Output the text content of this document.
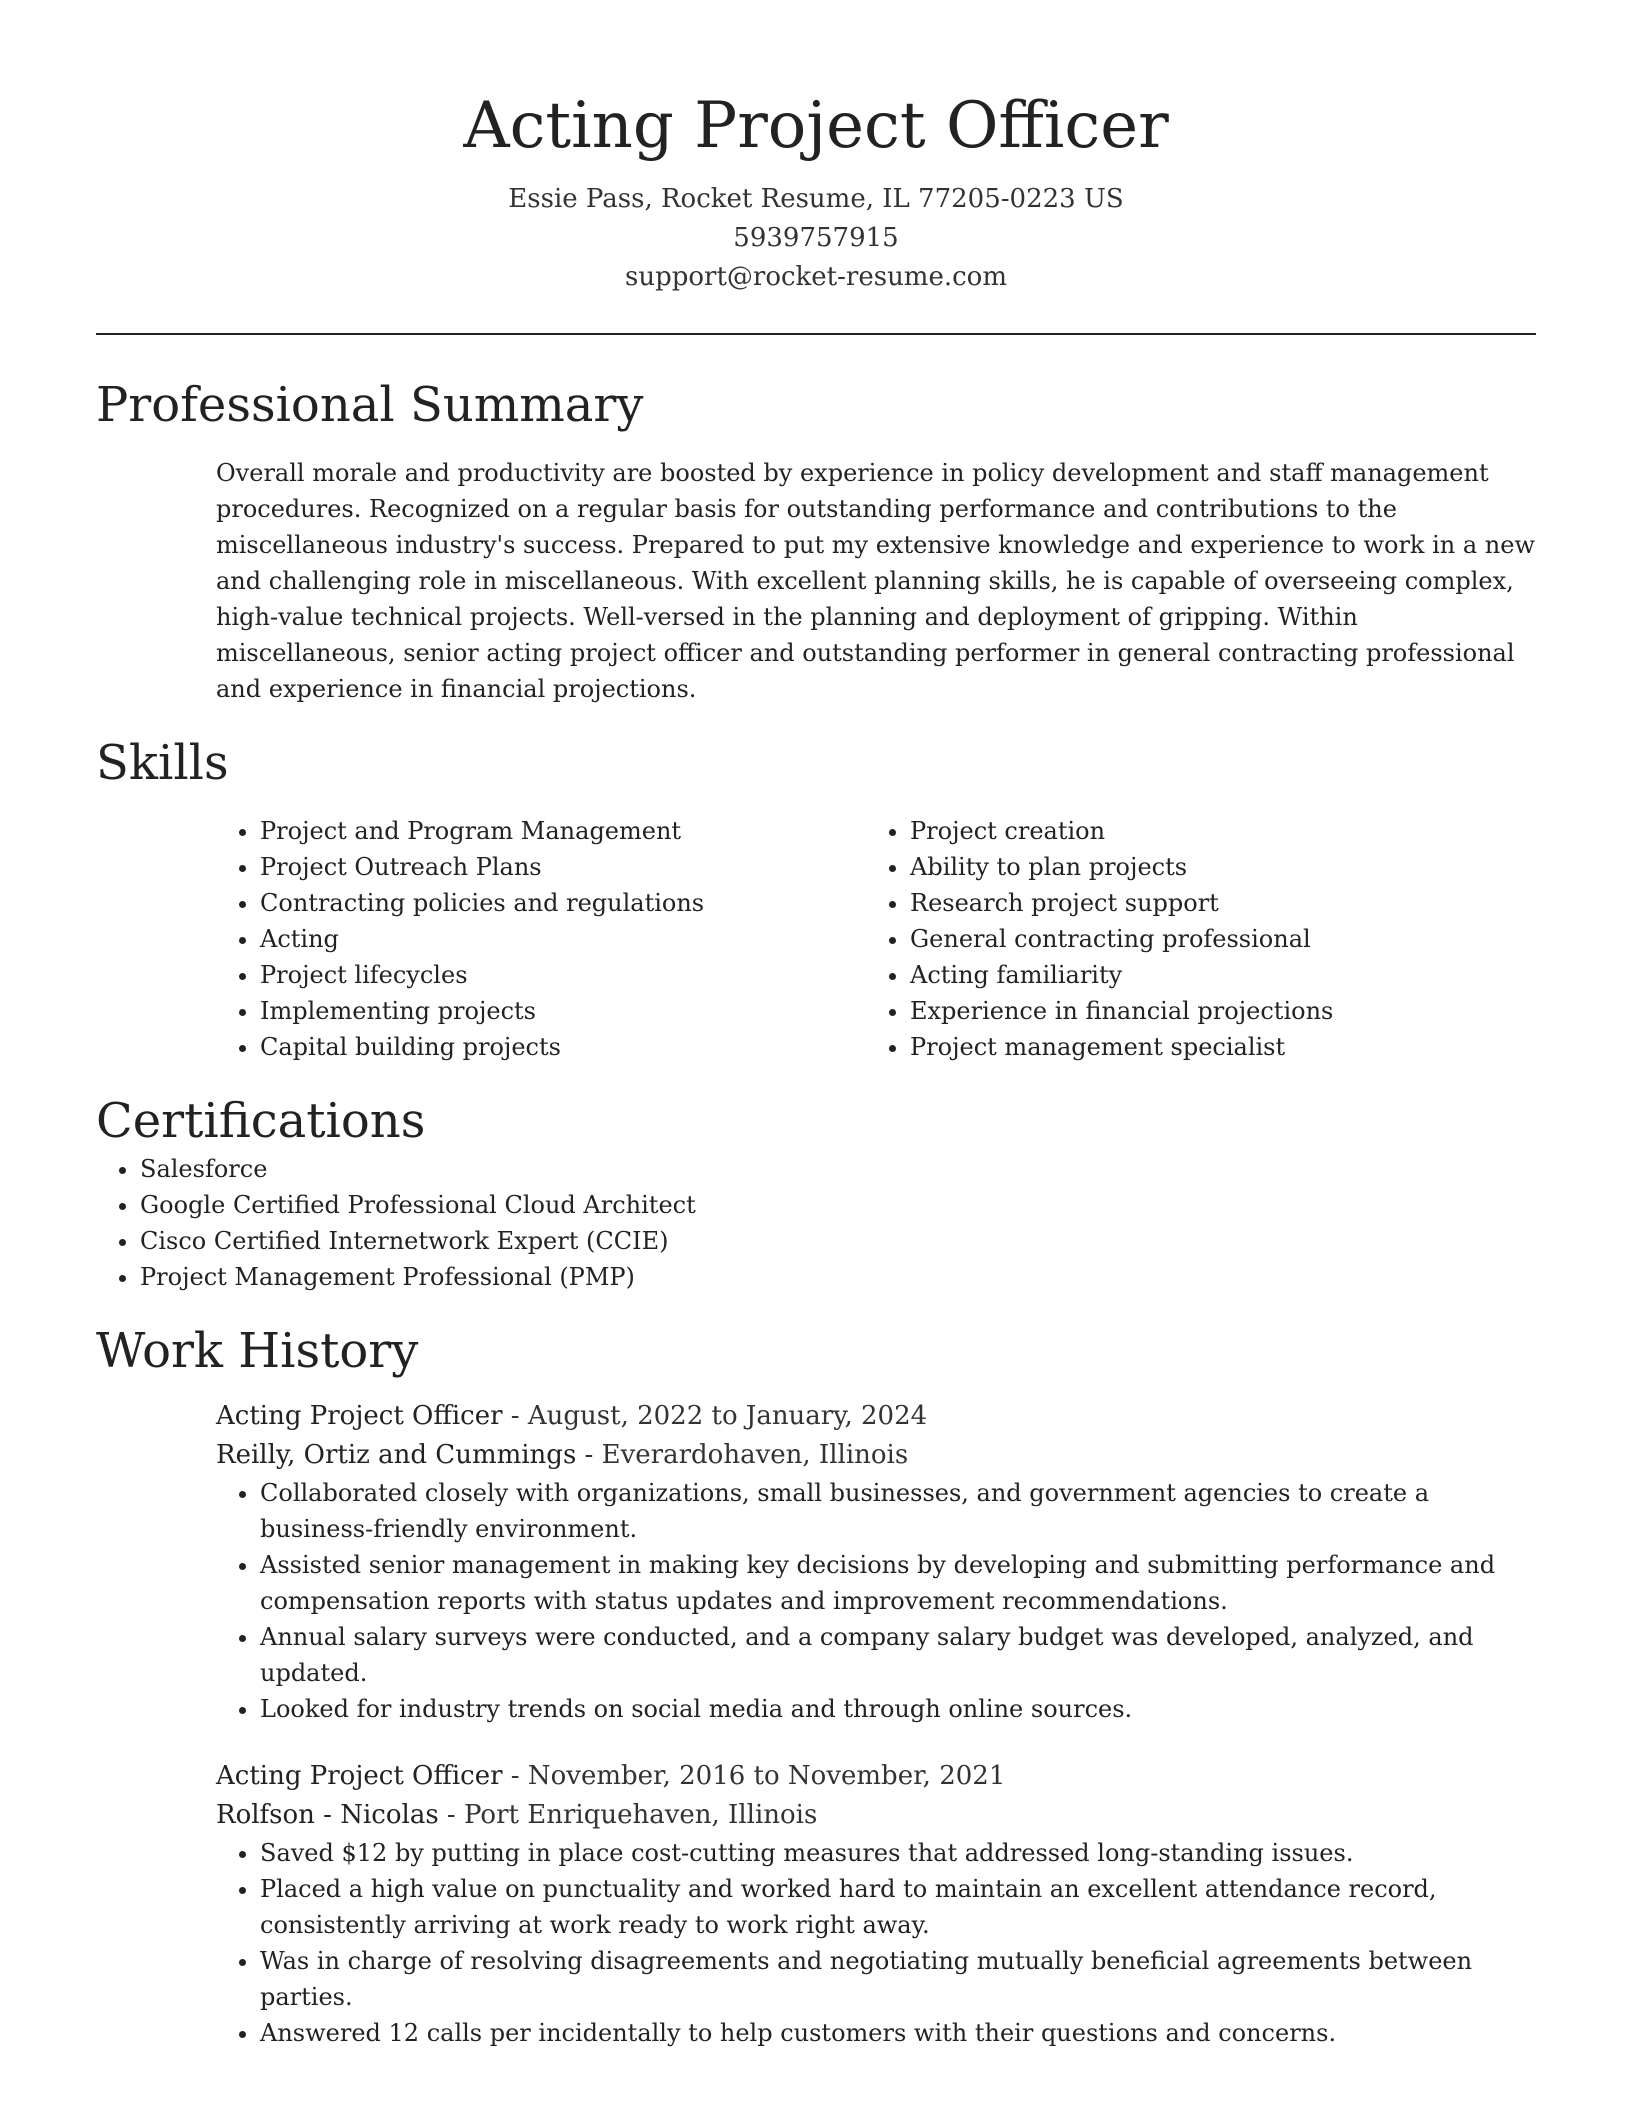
Acting Project Officer

Essie Pass, Rocket Resume, IL 77205-0223 US

5939757915

support@rocket-resume.com

Professional Summary

Overall morale and productivity are boosted by experience in policy development and staff management procedures. Recognized on a regular basis for outstanding performance and contributions to the miscellaneous industry's success. Prepared to put my extensive knowledge and experience to work in a new and challenging role in miscellaneous. With excellent planning skills, he is capable of overseeing complex, high-value technical projects. Well-versed in the planning and deployment of gripping. Within miscellaneous, senior acting project officer and outstanding performer in general contracting professional and experience in financial projections.

Skills
• Project and Program Management
• Project Outreach Plans
• Contracting policies and regulations
• Acting
• Project lifecycles
• Implementing projects
• Capital building projects
• Project creation
• Ability to plan projects
• Research project support
• General contracting professional
• Acting familiarity
• Experience in financial projections
• Project management specialist
Certifications
• Salesforce
• Google Certified Professional Cloud Architect
• Cisco Certified Internetwork Expert (CCIE)
• Project Management Professional (PMP)
Work History

Acting Project Officer - August, 2022 to January, 2024

Reilly, Ortiz and Cummings - Everardohaven, Illinois

• Collaborated closely with organizations, small businesses, and government agencies to create a business-friendly environment.
• Assisted senior management in making key decisions by developing and submitting performance and compensation reports with status updates and improvement recommendations.
• Annual salary surveys were conducted, and a company salary budget was developed, analyzed, and updated.
• Looked for industry trends on social media and through online sources.

Acting Project Officer - November, 2016 to November, 2021

Rolfson - Nicolas - Port Enriquehaven, Illinois

• Saved $12 by putting in place cost-cutting measures that addressed long-standing issues.
• Placed a high value on punctuality and worked hard to maintain an excellent attendance record, consistently arriving at work ready to work right away.
• Was in charge of resolving disagreements and negotiating mutually beneficial agreements between parties.
• Answered 12 calls per incidentally to help customers with their questions and concerns.
